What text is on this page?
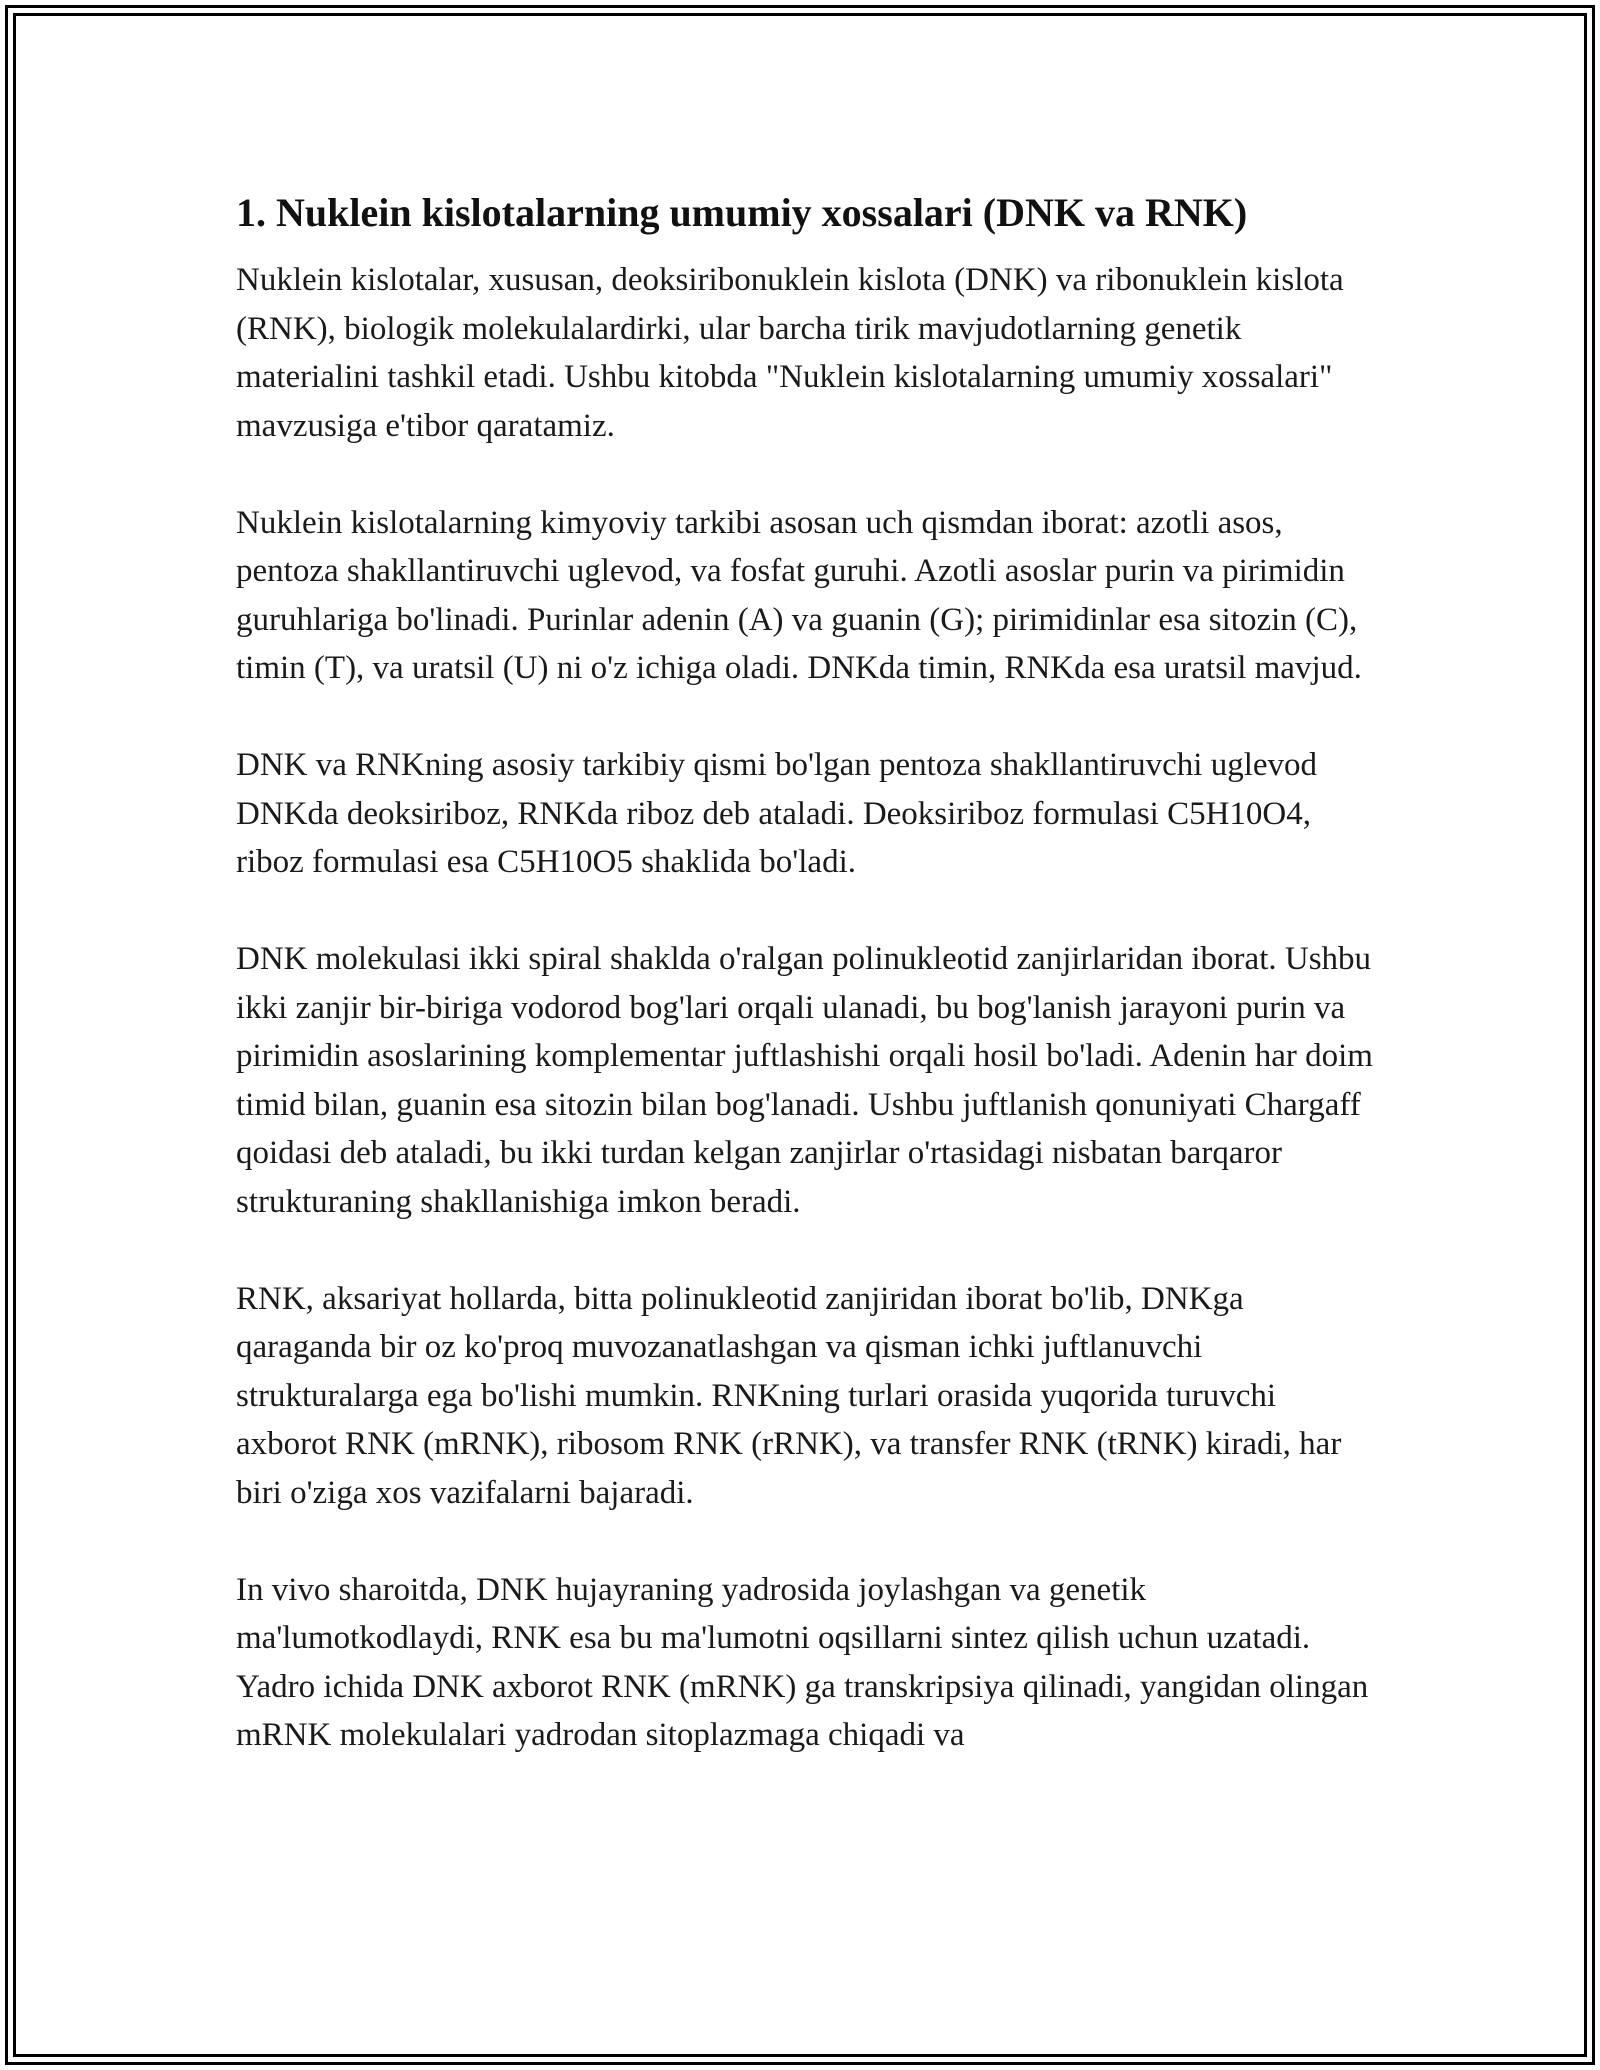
1. Nuklein kislotalarning umumiy xossalari (DNK va RNK)

Nuklein kislotalar, xususan, deoksiribonuklein kislota (DNK) va ribonuklein kislota (RNK), biologik molekulalardirki, ular barcha tirik mavjudotlarning genetik materialini tashkil etadi. Ushbu kitobda "Nuklein kislotalarning umumiy xossalari" mavzusiga e'tibor qaratamiz.

Nuklein kislotalarning kimyoviy tarkibi asosan uch qismdan iborat: azotli asos, pentoza shakllantiruvchi uglevod, va fosfat guruhi. Azotli asoslar purin va pirimidin guruhlariga bo'linadi. Purinlar adenin (A) va guanin (G); pirimidinlar esa sitozin (C), timin (T), va uratsil (U) ni o'z ichiga oladi. DNKda timin, RNKda esa uratsil mavjud.

DNK va RNKning asosiy tarkibiy qismi bo'lgan pentoza shakllantiruvchi uglevod DNKda deoksiriboz, RNKda riboz deb ataladi. Deoksiriboz formulasi C5H10O4, riboz formulasi esa C5H10O5 shaklida bo'ladi.

DNK molekulasi ikki spiral shaklda o'ralgan polinukleotid zanjirlaridan iborat. Ushbu ikki zanjir bir-biriga vodorod bog'lari orqali ulanadi, bu bog'lanish jarayoni purin va pirimidin asoslarining komplementar juftlashishi orqali hosil bo'ladi. Adenin har doim timid bilan, guanin esa sitozin bilan bog'lanadi. Ushbu juftlanish qonuniyati Chargaff qoidasi deb ataladi, bu ikki turdan kelgan zanjirlar o'rtasidagi nisbatan barqaror strukturaning shakllanishiga imkon beradi.

RNK, aksariyat hollarda, bitta polinukleotid zanjiridan iborat bo'lib, DNKga qaraganda bir oz ko'proq muvozanatlashgan va qisman ichki juftlanuvchi strukturalarga ega bo'lishi mumkin. RNKning turlari orasida yuqorida turuvchi axborot RNK (mRNK), ribosom RNK (rRNK), va transfer RNK (tRNK) kiradi, har biri o'ziga xos vazifalarni bajaradi.

In vivo sharoitda, DNK hujayraning yadrosida joylashgan va genetik ma'lumotkodlaydi, RNK esa bu ma'lumotni oqsillarni sintez qilish uchun uzatadi. Yadro ichida DNK axborot RNK (mRNK) ga transkripsiya qilinadi, yangidan olingan mRNK molekulalari yadrodan sitoplazmaga chiqadi va
